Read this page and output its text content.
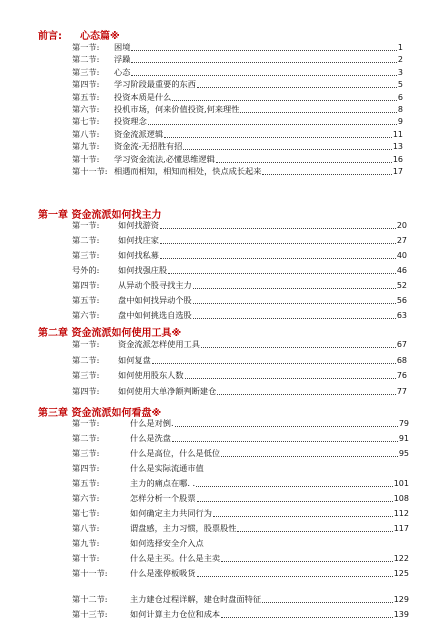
前言: 心态篇※
第一节:	困境	1
第二节:	浮躁	2
第三节:	心态	3
第四节:	学习阶段最重要的东西	5
第五节:	投资本质是什么	6
第六节:	投机市场，何来价值投资,何来理性	8
第七节:	投资理念	9
第八节:	资金流派逻辑	11
第九节:	资金流-无招胜有招	13
第十节:	学习资金流法,必懂思维逻辑	16
第十一节: 相遇而相知，相知而相处，快点成长起来	17
第一章 资金流派如何找主力
第一节:	如何找游资	20
第二节:	如何找庄家	27
第三节:	如何找私募	40
号外的:	如何找强庄股	46
第四节:	从异动个股寻找主力	52
第五节:	盘中如何找异动个股	56
第六节:	盘中如何挑选自选股	63
第二章 资金流派如何使用工具※
第一节:	资金流派怎样使用工具	67
第二节:	如何复盘	68
第三节:	如何使用股东人数	76
第四节:	如何使用大单净额判断建仓	77
第三章 资金流派如何看盘※
第一节:	什么是对倒.	79
第二节:	什么是洗盘	91
第三节:	什么是高位，什么是低位	95
第四节:	什么是实际流通市值
第五节:	主力的痛点在哪. .	101
第六节:	怎样分析一个股票	108
第七节:	如何确定主力共同行为	112
第八节:	谓盘感，主力习惯，股票股性	117
第九节:	如何选择安全介入点
第十节:	什么是主买。什么是主卖	122
第十一节:	什么是涨停板吸货	125
第十二节:	主力建仓过程详解，建仓时盘面特征	129
第十三节:	如何计算主力仓位和成本	139
